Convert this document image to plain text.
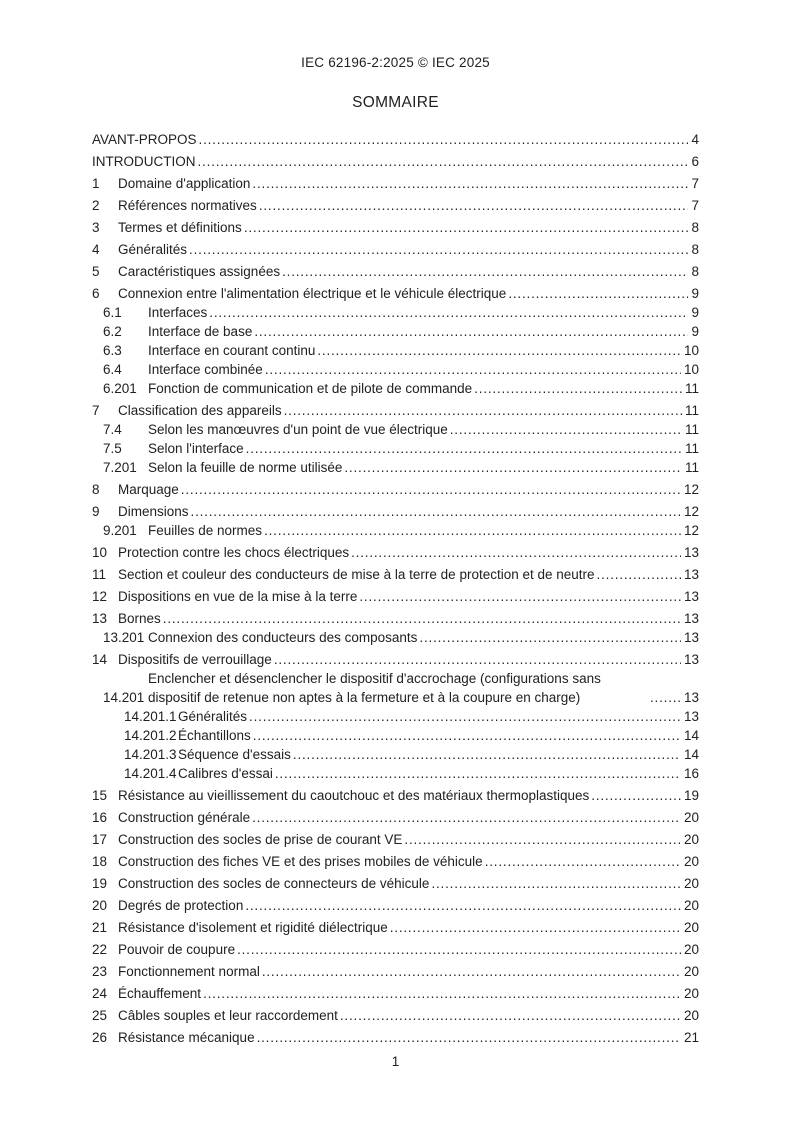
IEC 62196-2:2025 © IEC 2025
SOMMAIRE
AVANT-PROPOS .....	4
INTRODUCTION .....	6
1	Domaine d'application .....	7
2	Références normatives .....	7
3	Termes et définitions .....	8
4	Généralités .....	8
5	Caractéristiques assignées .....	8
6	Connexion entre l'alimentation électrique et le véhicule électrique .....	9
6.1	Interfaces .....	9
6.2	Interface de base .....	9
6.3	Interface en courant continu .....	10
6.4	Interface combinée .....	10
6.201 Fonction de communication et de pilote de commande .....	11
7	Classification des appareils .....	11
7.4	Selon les manœuvres d'un point de vue électrique .....	11
7.5	Selon l'interface .....	11
7.201 Selon la feuille de norme utilisée .....	11
8	Marquage .....	12
9	Dimensions .....	12
9.201 Feuilles de normes .....	12
10 Protection contre les chocs électriques .....	13
11 Section et couleur des conducteurs de mise à la terre de protection et de neutre .....	13
12 Dispositions en vue de la mise à la terre .....	13
13 Bornes .....	13
13.201 Connexion des conducteurs des composants .....	13
14 Dispositifs de verrouillage .....	13
14.201
Enclencher et désenclencher le dispositif d'accrochage (configurations sans dispositif de retenue non aptes à la fermeture et à la coupure en charge) .....	13
14.201.1 Généralités .....	13
14.201.2 Échantillons .....	14
14.201.3 Séquence d'essais .....	14
14.201.4 Calibres d'essai .....	16
15 Résistance au vieillissement du caoutchouc et des matériaux thermoplastiques .....	19
16 Construction générale .....	20
17 Construction des socles de prise de courant VE .....	20
18 Construction des fiches VE et des prises mobiles de véhicule .....	20
19 Construction des socles de connecteurs de véhicule .....	20
20 Degrés de protection .....	20
21 Résistance d'isolement et rigidité diélectrique .....	20
22 Pouvoir de coupure .....	20
23 Fonctionnement normal .....	20
24 Échauffement .....	20
25 Câbles souples et leur raccordement .....	20
26 Résistance mécanique .....	21
1
